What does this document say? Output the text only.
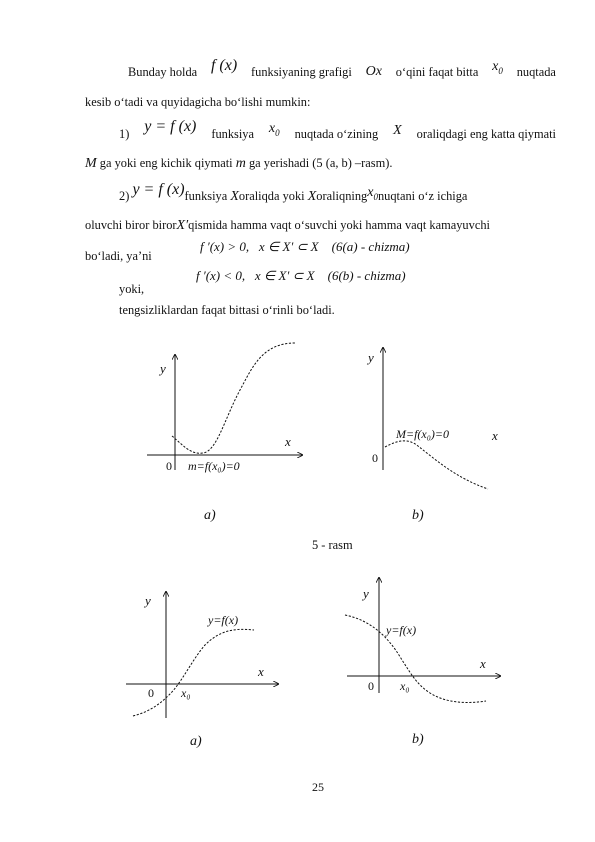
Bunday holda f (x) funksiyaning grafigi Ox o‘qini faqat bitta $x_0$ nuqtada
kesib o‘tadi va quyidagicha bo‘lishi mumkin:
1) y = f (x) funksiya $x_0$ nuqtada o‘zining X oraliqdagi eng katta qiymati
M ga yoki eng kichik qiymati m ga yerishadi (5 (a, b) –rasm).
2) y = f (x)funksiya Xoraliqda yoki Xoraliqningx$_0$nuqtani o‘z ichiga
oluvchi biror birorX′qismida hamma vaqt o‘suvchi yoki hamma vaqt kamayuvchi
bo‘ladi, ya’ni
f ′(x) > 0,   x ∈ X′ ⊂ X    (6(a) - chizma)
yoki,
f ′(x) < 0,   x ∈ X′ ⊂ X    (6(b) - chizma)
tengsizliklardan faqat bittasi o‘rinli bo‘ladi.
y
x
0 m=f(x₀)=0
a)
y
x
0
M=f(x₀)=0
b)
5 - rasm
y
x
0 x₀
y=f(x)
a)
y
x
0 x₀
y=f(x)
b)
25
